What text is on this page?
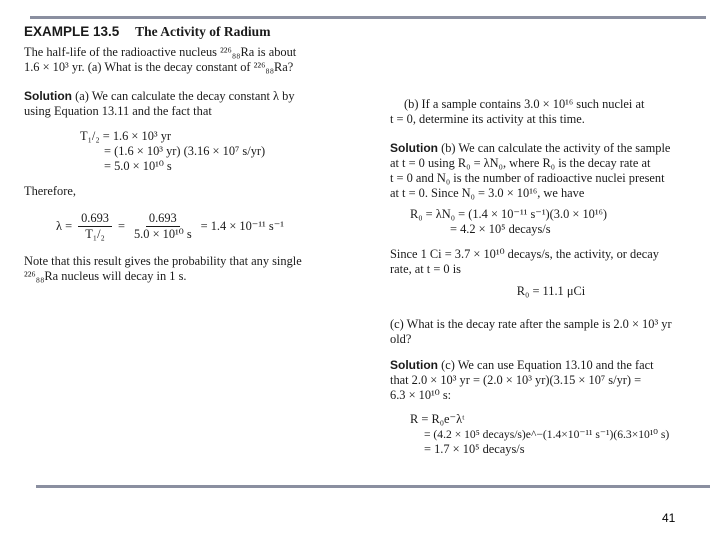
EXAMPLE 13.5 The Activity of Radium

The half-life of the radioactive nucleus ²²⁶₈₈Ra is about

1.6 × 10³ yr. (a) What is the decay constant of ²²⁶₈₈Ra?

Solution (a) We can calculate the decay constant λ by

using Equation 13.11 and the fact that

T₁/₂ = 1.6 × 10³ yr
= (1.6 × 10³ yr) (3.16 × 10⁷ s/yr)
= 5.0 × 10¹⁰ s

Therefore,

$\lambda = \frac{0.693}{\text{T₁/₂}} = \frac{0.693}{\text{5.0 × 10¹⁰ s}} = 1.4 \times 10^{-11}$ s⁻¹

Note that this result gives the probability that any single

²²⁶₈₈Ra nucleus will decay in 1 s.

(b) If a sample contains 3.0 × 10¹⁶ such nuclei at

t = 0, determine its activity at this time.

Solution (b) We can calculate the activity of the sample

at t = 0 using R₀ = λN₀, where R₀ is the decay rate at

t = 0 and N₀ is the number of radioactive nuclei present

at t = 0. Since N₀ = 3.0 × 10¹⁶, we have

R₀ = λN₀ = (1.4 × 10⁻¹¹ s⁻¹)(3.0 × 10¹⁶)
= 4.2 × 10⁵ decays/s

Since 1 Ci = 3.7 × 10¹⁰ decays/s, the activity, or decay

rate, at t = 0 is

R₀ = 11.1 μCi

(c) What is the decay rate after the sample is 2.0 × 10³ yr

old?

Solution (c) We can use Equation 13.10 and the fact

that 2.0 × 10³ yr = (2.0 × 10³ yr)(3.15 × 10⁷ s/yr) =

6.3 × 10¹⁰ s:

R = R₀e⁻λᵗ
= (4.2 × 10⁵ decays/s)e^−(1.4×10⁻¹¹ s⁻¹)(6.3×10¹⁰ s)
= 1.7 × 10⁵ decays/s
41
